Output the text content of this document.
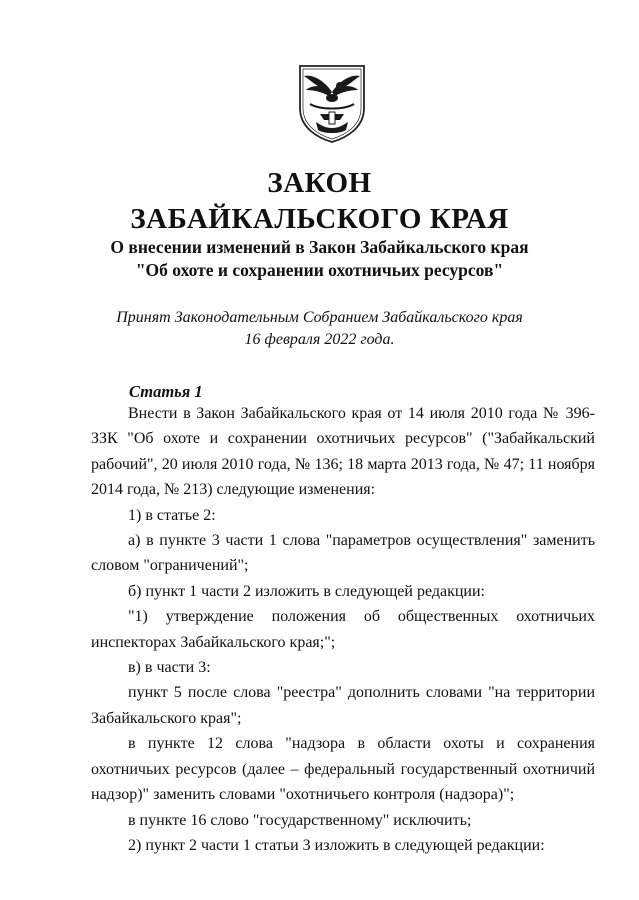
ЗАКОН
ЗАБАЙКАЛЬСКОГО КРАЯ
О внесении изменений в Закон Забайкальского края
"Об охоте и сохранении охотничьих ресурсов"
Принят Законодательным Собранием Забайкальского края
16 февраля 2022 года.
Статья 1

Внести в Закон Забайкальского края от 14 июля 2010 года № 396-ЗЗК "Об охоте и сохранении охотничьих ресурсов" ("Забайкальский рабочий", 20 июля 2010 года, № 136; 18 марта 2013 года, № 47; 11 ноября 2014 года, № 213) следующие изменения:

1) в статье 2:

а) в пункте 3 части 1 слова "параметров осуществления" заменить словом "ограничений";

б) пункт 1 части 2 изложить в следующей редакции:

"1) утверждение положения об общественных охотничьих инспекторах Забайкальского края;";

в) в части 3:

пункт 5 после слова "реестра" дополнить словами "на территории Забайкальского края";

в пункте 12 слова "надзора в области охоты и сохранения охотничьих ресурсов (далее – федеральный государственный охотничий надзор)" заменить словами "охотничьего контроля (надзора)";

в пункте 16 слово "государственному" исключить;

2) пункт 2 части 1 статьи 3 изложить в следующей редакции:
